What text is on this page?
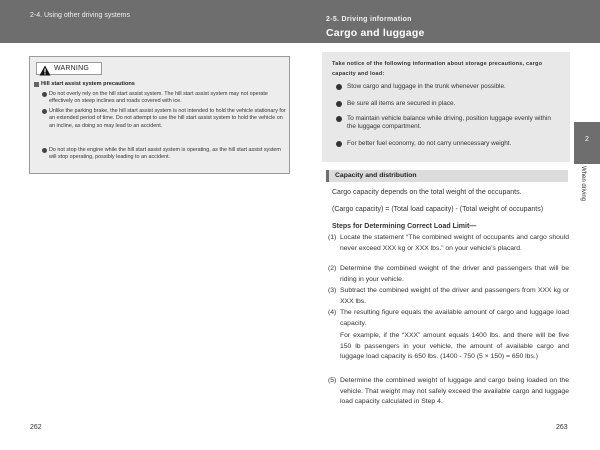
2-4. Using other driving systems
2-5. Driving information
Cargo and luggage
WARNING
Hill start assist system precautions
Do not overly rely on the hill start assist system. The hill start assist system may not operate effectively on steep inclines and roads covered with ice.
Unlike the parking brake, the hill start assist system is not intended to hold the vehicle stationary for an extended period of time. Do not attempt to use the hill start assist system to hold the vehicle on an incline, as doing so may lead to an accident.
Do not stop the engine while the hill start assist system is operating, as the hill start assist system will stop operating, possibly leading to an accident.
Take notice of the following information about storage precautions, cargo capacity and load:
Stow cargo and luggage in the trunk whenever possible.
Be sure all items are secured in place.
To maintain vehicle balance while driving, position luggage evenly within the luggage compartment.
For better fuel economy, do not carry unnecessary weight.
2
When driving
Capacity and distribution
Cargo capacity depends on the total weight of the occupants.
(Cargo capacity) = (Total load capacity) - (Total weight of occupants)
Steps for Determining Correct Load Limit—
(1) Locate the statement “The combined weight of occupants and cargo should never exceed XXX kg or XXX lbs.” on your vehicle’s placard.
(2) Determine the combined weight of the driver and passengers that will be riding in your vehicle.
(3) Subtract the combined weight of the driver and passengers from XXX kg or XXX lbs.
(4) The resulting figure equals the available amount of cargo and luggage load capacity.
For example, if the “XXX” amount equals 1400 lbs. and there will be five 150 lb passengers in your vehicle, the amount of available cargo and luggage load capacity is 650 lbs. (1400 - 750 (5 × 150) = 650 lbs.)
(5) Determine the combined weight of luggage and cargo being loaded on the vehicle. That weight may not safely exceed the available cargo and luggage load capacity calculated in Step 4.
262	263
